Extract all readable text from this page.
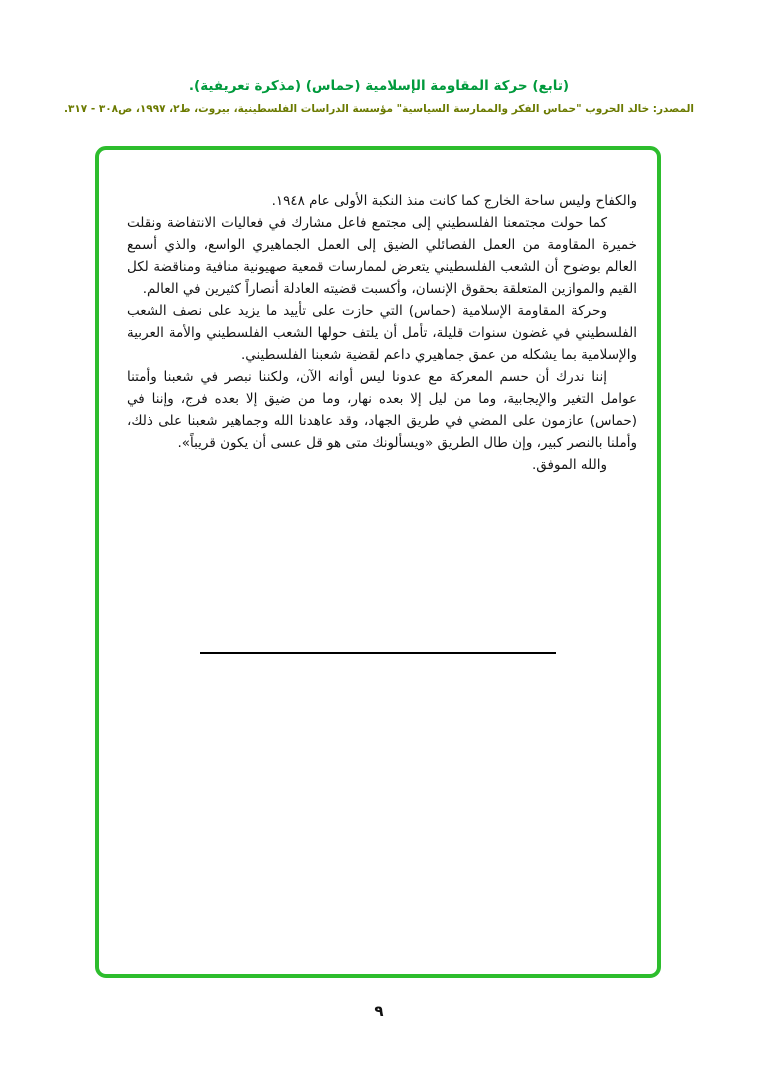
(تابع) حركة المقاومة الإسلامية (حماس) (مذكرة تعريفية).
المصدر: خالد الحروب "حماس الفكر والممارسة السياسية" مؤسسة الدراسات الفلسطينية، بيروت، ط٢، ١٩٩٧، ص٣٠٨ - ٣١٧.

والكفاح وليس ساحة الخارج كما كانت منذ النكبة الأولى عام ١٩٤٨.

كما حولت مجتمعنا الفلسطيني إلى مجتمع فاعل مشارك في فعاليات الانتفاضة ونقلت خميرة المقاومة من العمل الفصائلي الضيق إلى العمل الجماهيري الواسع، والذي أسمع العالم بوضوح أن الشعب الفلسطيني يتعرض لممارسات قمعية صهيونية منافية ومناقضة لكل القيم والموازين المتعلقة بحقوق الإنسان، وأكسبت قضيته العادلة أنصاراً كثيرين في العالم.

وحركة المقاومة الإسلامية (حماس) التي حازت على تأييد ما يزيد على نصف الشعب الفلسطيني في غضون سنوات قليلة، تأمل أن يلتف حولها الشعب الفلسطيني والأمة العربية والإسلامية بما يشكله من عمق جماهيري داعم لقضية شعبنا الفلسطيني.

إننا ندرك أن حسم المعركة مع عدونا ليس أوانه الآن، ولكننا نبصر في شعبنا وأمتنا عوامل التغير والإيجابية، وما من ليل إلا بعده نهار، وما من ضيق إلا بعده فرج، وإننا في (حماس) عازمون على المضي في طريق الجهاد، وقد عاهدنا الله وجماهير شعبنا على ذلك، وأملنا بالنصر كبير، وإن طال الطريق «ويسألونك متى هو قل عسى أن يكون قريباً».

والله الموفق.

٩
